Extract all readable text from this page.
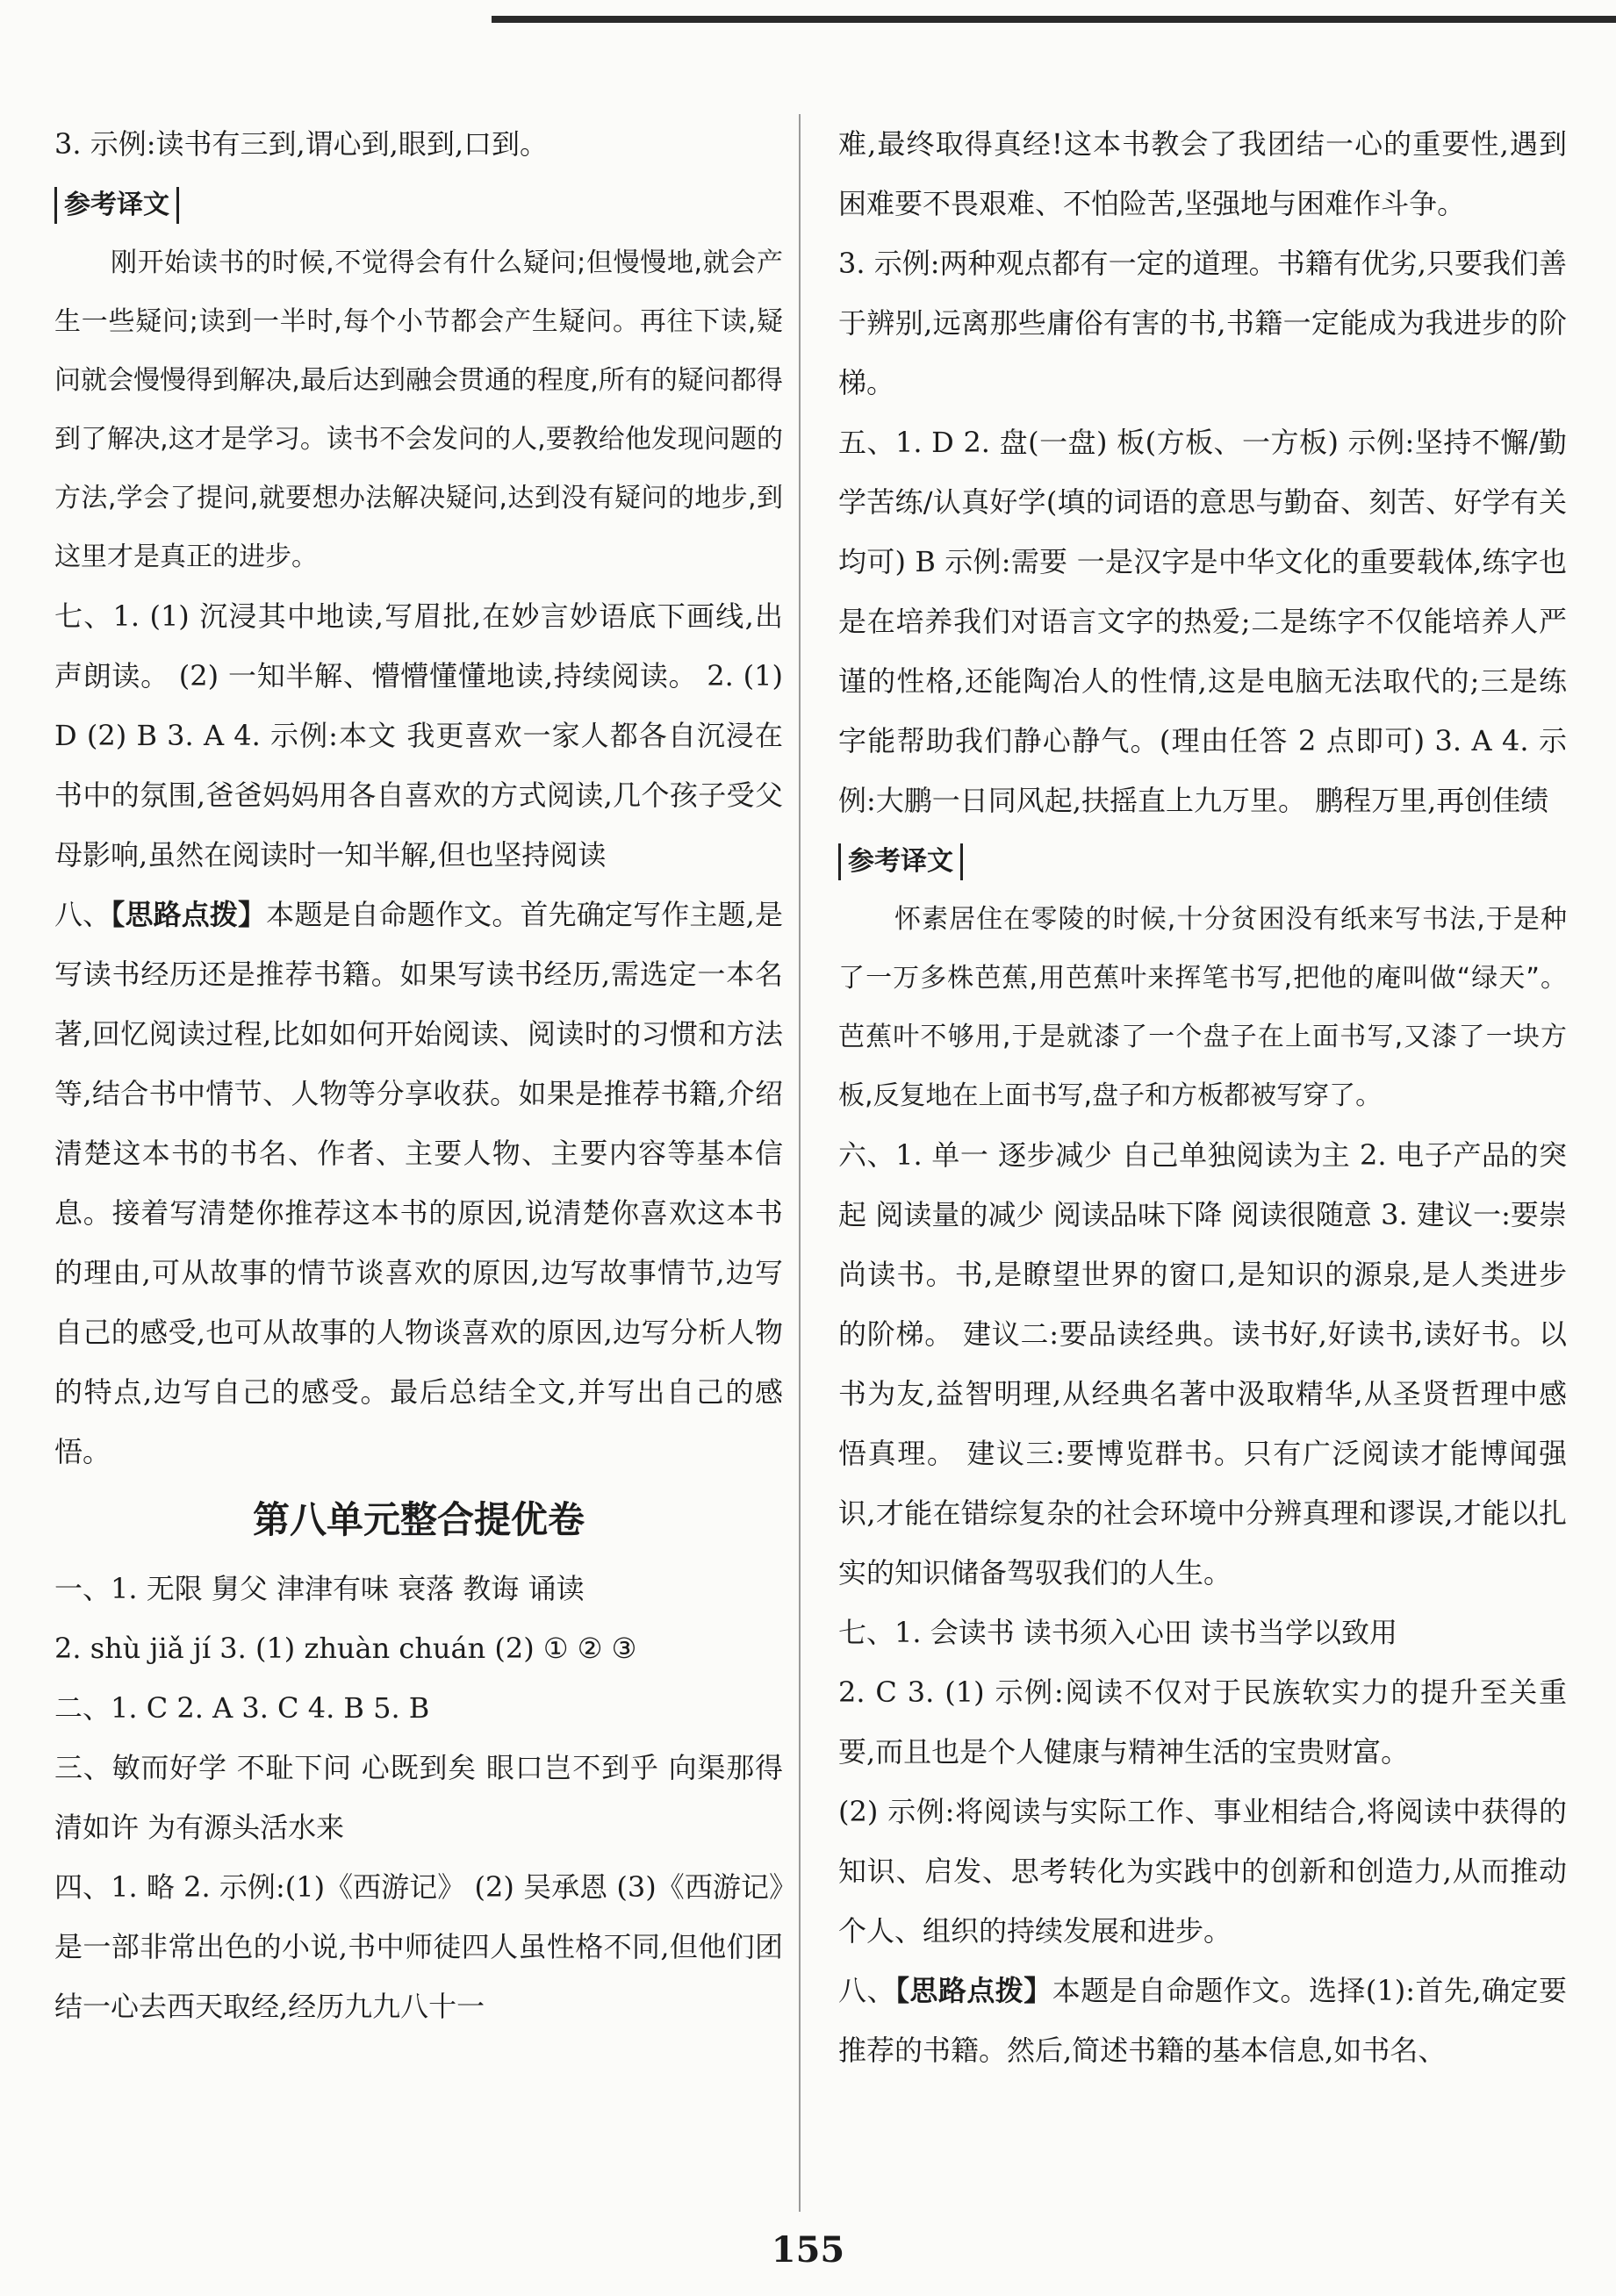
3. 示例:读书有三到,谓心到,眼到,口到。

参考译文

刚开始读书的时候,不觉得会有什么疑问;但慢慢地,就会产生一些疑问;读到一半时,每个小节都会产生疑问。再往下读,疑问就会慢慢得到解决,最后达到融会贯通的程度,所有的疑问都得到了解决,这才是学习。读书不会发问的人,要教给他发现问题的方法,学会了提问,就要想办法解决疑问,达到没有疑问的地步,到这里才是真正的进步。

七、1. (1) 沉浸其中地读,写眉批,在妙言妙语底下画线,出声朗读。 (2) 一知半解、懵懵懂懂地读,持续阅读。 2. (1) D (2) B 3. A 4. 示例:本文 我更喜欢一家人都各自沉浸在书中的氛围,爸爸妈妈用各自喜欢的方式阅读,几个孩子受父母影响,虽然在阅读时一知半解,但也坚持阅读

八、【思路点拨】本题是自命题作文。首先确定写作主题,是写读书经历还是推荐书籍。如果写读书经历,需选定一本名著,回忆阅读过程,比如如何开始阅读、阅读时的习惯和方法等,结合书中情节、人物等分享收获。如果是推荐书籍,介绍清楚这本书的书名、作者、主要人物、主要内容等基本信息。接着写清楚你推荐这本书的原因,说清楚你喜欢这本书的理由,可从故事的情节谈喜欢的原因,边写故事情节,边写自己的感受,也可从故事的人物谈喜欢的原因,边写分析人物的特点,边写自己的感受。最后总结全文,并写出自己的感悟。

第八单元整合提优卷

一、1. 无限 舅父 津津有味 衰落 教诲 诵读

2. shù jiǎ jí 3. (1) zhuàn chuán (2) ① ② ③

二、1. C 2. A 3. C 4. B 5. B

三、敏而好学 不耻下问 心既到矣 眼口岂不到乎 向渠那得清如许 为有源头活水来

四、1. 略 2. 示例:(1)《西游记》 (2) 吴承恩 (3)《西游记》是一部非常出色的小说,书中师徒四人虽性格不同,但他们团结一心去西天取经,经历九九八十一

难,最终取得真经!这本书教会了我团结一心的重要性,遇到困难要不畏艰难、不怕险苦,坚强地与困难作斗争。

3. 示例:两种观点都有一定的道理。书籍有优劣,只要我们善于辨别,远离那些庸俗有害的书,书籍一定能成为我进步的阶梯。

五、1. D 2. 盘(一盘) 板(方板、一方板) 示例:坚持不懈/勤学苦练/认真好学(填的词语的意思与勤奋、刻苦、好学有关均可) B 示例:需要 一是汉字是中华文化的重要载体,练字也是在培养我们对语言文字的热爱;二是练字不仅能培养人严谨的性格,还能陶冶人的性情,这是电脑无法取代的;三是练字能帮助我们静心静气。(理由任答 2 点即可) 3. A 4. 示例:大鹏一日同风起,扶摇直上九万里。 鹏程万里,再创佳绩

参考译文

怀素居住在零陵的时候,十分贫困没有纸来写书法,于是种了一万多株芭蕉,用芭蕉叶来挥笔书写,把他的庵叫做“绿天”。芭蕉叶不够用,于是就漆了一个盘子在上面书写,又漆了一块方板,反复地在上面书写,盘子和方板都被写穿了。

六、1. 单一 逐步减少 自己单独阅读为主 2. 电子产品的突起 阅读量的减少 阅读品味下降 阅读很随意 3. 建议一:要崇尚读书。书,是瞭望世界的窗口,是知识的源泉,是人类进步的阶梯。 建议二:要品读经典。读书好,好读书,读好书。以书为友,益智明理,从经典名著中汲取精华,从圣贤哲理中感悟真理。 建议三:要博览群书。只有广泛阅读才能博闻强识,才能在错综复杂的社会环境中分辨真理和谬误,才能以扎实的知识储备驾驭我们的人生。

七、1. 会读书 读书须入心田 读书当学以致用

2. C 3. (1) 示例:阅读不仅对于民族软实力的提升至关重要,而且也是个人健康与精神生活的宝贵财富。

(2) 示例:将阅读与实际工作、事业相结合,将阅读中获得的知识、启发、思考转化为实践中的创新和创造力,从而推动个人、组织的持续发展和进步。

八、【思路点拨】本题是自命题作文。选择(1):首先,确定要推荐的书籍。然后,简述书籍的基本信息,如书名、

155
